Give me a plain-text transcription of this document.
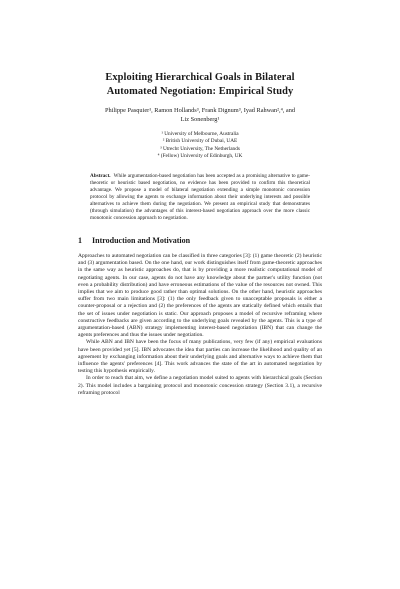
Exploiting Hierarchical Goals in Bilateral
Automated Negotiation: Empirical Study
Philippe Pasquier¹, Ramon Hollands³, Frank Dignum³, Iyad Rahwan²,⁴, and
Liz Sonenberg¹
¹ University of Melbourne, Australia
² British University of Dubai, UAE
³ Utrecht University, The Netherlands
⁴ (Fellow) University of Edinburgh, UK
Abstract. While argumentation-based negotiation has been accepted as a promising alternative to game-theoretic or heuristic based negotiation, no evidence has been provided to confirm this theoretical advantage. We propose a model of bilateral negotiation extending a simple monotonic concession protocol by allowing the agents to exchange information about their underlying interests and possible alternatives to achieve them during the negotiation. We present an empirical study that demonstrates (through simulation) the advantages of this interest-based negotiation approach over the more classic monotonic concession approach to negotiation.
1 Introduction and Motivation

Approaches to automated negotiation can be classified in three categories [3]: (1) game theoretic (2) heuristic and (3) argumentation based. On the one hand, our work distinguishes itself from game-theoretic approaches in the same way as heuristic approaches do, that is by providing a more realistic computational model of negotiating agents. In our case, agents do not have any knowledge about the partner's utility function (not even a probability distribution) and have erroneous estimations of the value of the resources not owned. This implies that we aim to produce good rather than optimal solutions. On the other hand, heuristic approaches suffer from two main limitations [3]: (1) the only feedback given to unacceptable proposals is either a counter-proposal or a rejection and (2) the preferences of the agents are statically defined which entails that the set of issues under negotiation is static. Our approach proposes a model of recursive reframing where constructive feedbacks are given according to the underlying goals revealed by the agents. This is a type of argumentation-based (ABN) strategy implementing interest-based negotiation (IBN) that can change the agents preferences and thus the issues under negotiation.

While ABN and IBN have been the focus of many publications, very few (if any) empirical evaluations have been provided yet [5]. IBN advocates the idea that parties can increase the likelihood and quality of an agreement by exchanging information about their underlying goals and alternative ways to achieve them that influence the agents' preferences [4]. This work advances the state of the art in automated negotiation by testing this hypothesis empirically.

In order to reach that aim, we define a negotiation model suited to agents with hierarchical goals (Section 2). This model includes a bargaining protocol and monotonic concession strategy (Section 3.1), a recursive reframing protocol
